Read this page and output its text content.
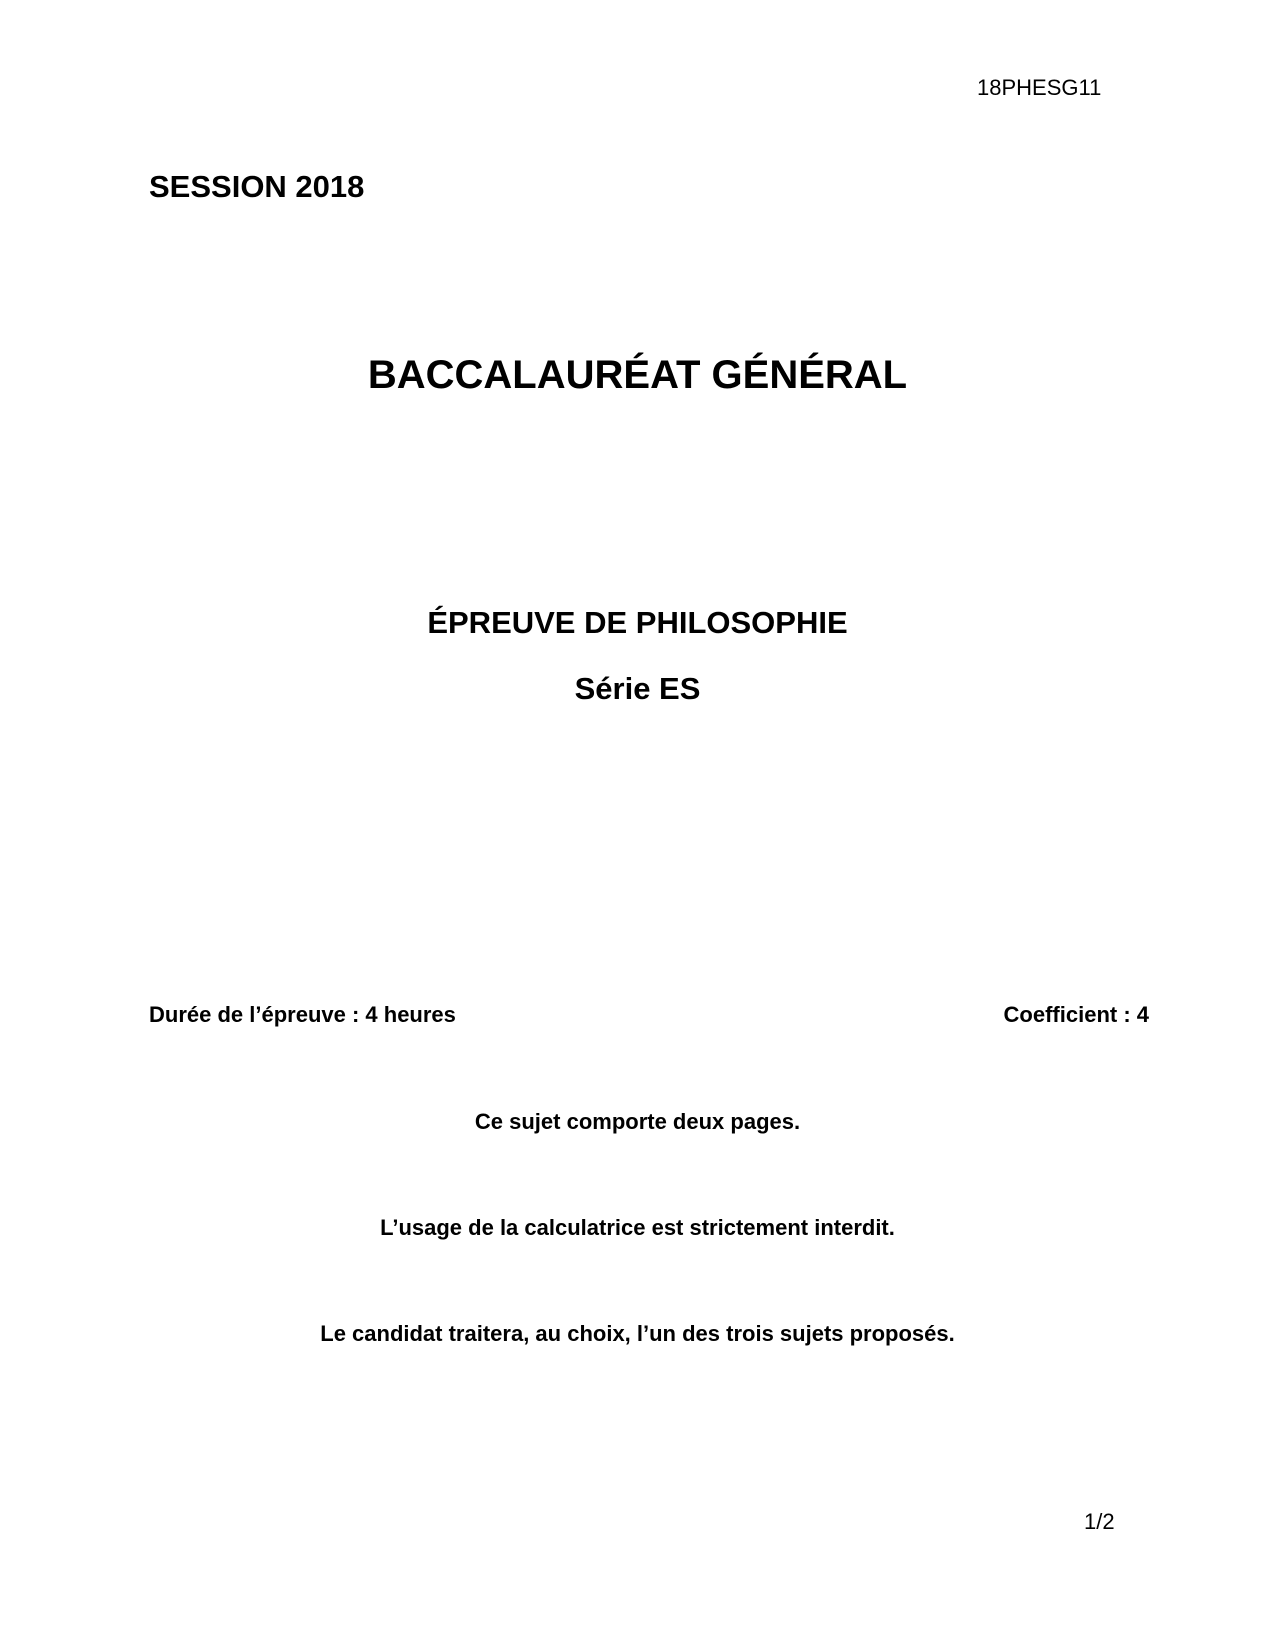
18PHESG11
SESSION 2018
BACCALAURÉAT GÉNÉRAL
ÉPREUVE DE PHILOSOPHIE
Série ES
Durée de l’épreuve : 4 heures	Coefficient : 4
Ce sujet comporte deux pages.
L’usage de la calculatrice est strictement interdit.
Le candidat traitera, au choix, l’un des trois sujets proposés.
1/2
